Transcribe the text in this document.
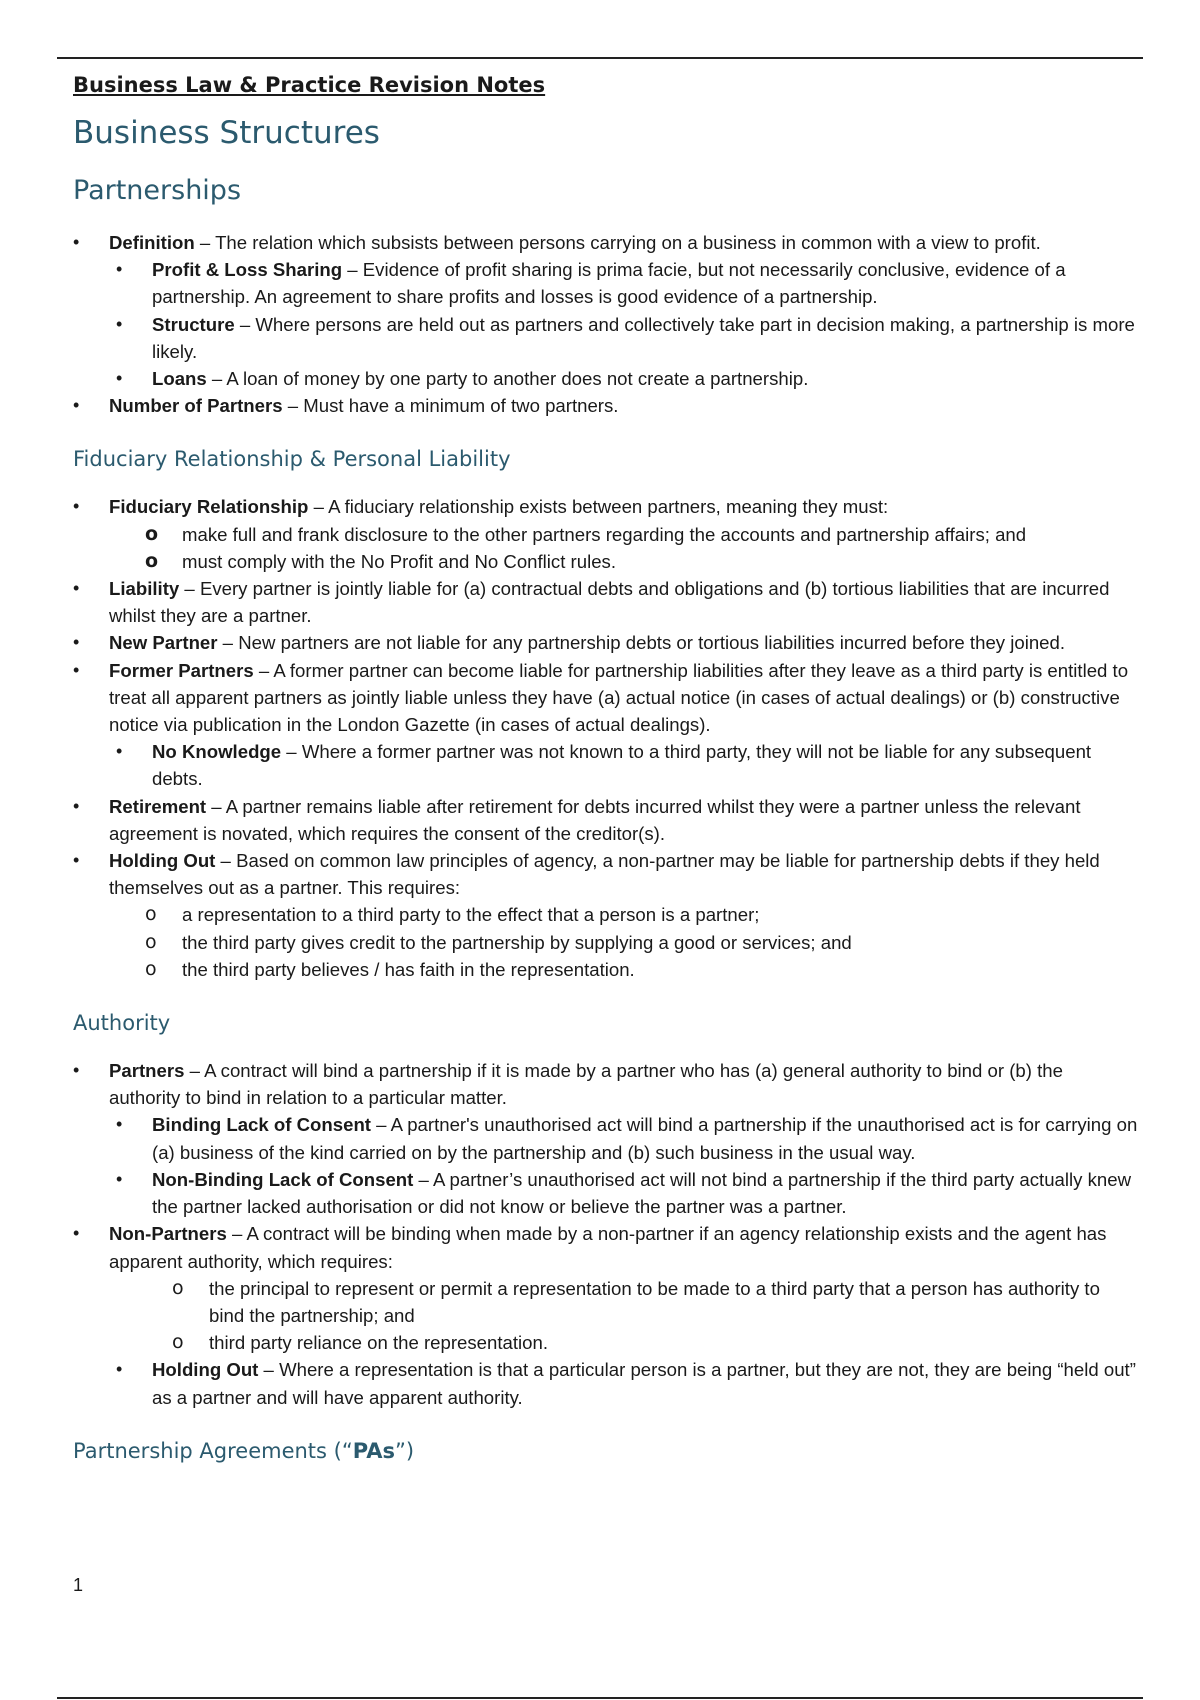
Business Law & Practice Revision Notes
Business Structures
Partnerships
• Definition – The relation which subsists between persons carrying on a business in common with a view to profit.
• Profit & Loss Sharing – Evidence of profit sharing is prima facie, but not necessarily conclusive, evidence of a partnership. An agreement to share profits and losses is good evidence of a partnership.
• Structure – Where persons are held out as partners and collectively take part in decision making, a partnership is more likely.
• Loans – A loan of money by one party to another does not create a partnership.
• Number of Partners – Must have a minimum of two partners.
Fiduciary Relationship & Personal Liability
• Fiduciary Relationship – A fiduciary relationship exists between partners, meaning they must:
o make full and frank disclosure to the other partners regarding the accounts and partnership affairs; and
o must comply with the No Profit and No Conflict rules.
• Liability – Every partner is jointly liable for (a) contractual debts and obligations and (b) tortious liabilities that are incurred whilst they are a partner.
• New Partner – New partners are not liable for any partnership debts or tortious liabilities incurred before they joined.
• Former Partners – A former partner can become liable for partnership liabilities after they leave as a third party is entitled to treat all apparent partners as jointly liable unless they have (a) actual notice (in cases of actual dealings) or (b) constructive notice via publication in the London Gazette (in cases of actual dealings).
• No Knowledge – Where a former partner was not known to a third party, they will not be liable for any subsequent debts.
• Retirement – A partner remains liable after retirement for debts incurred whilst they were a partner unless the relevant agreement is novated, which requires the consent of the creditor(s).
• Holding Out – Based on common law principles of agency, a non-partner may be liable for partnership debts if they held themselves out as a partner. This requires:
o a representation to a third party to the effect that a person is a partner;
o the third party gives credit to the partnership by supplying a good or services; and
o the third party believes / has faith in the representation.
Authority
• Partners – A contract will bind a partnership if it is made by a partner who has (a) general authority to bind or (b) the authority to bind in relation to a particular matter.
• Binding Lack of Consent – A partner's unauthorised act will bind a partnership if the unauthorised act is for carrying on (a) business of the kind carried on by the partnership and (b) such business in the usual way.
• Non-Binding Lack of Consent – A partner’s unauthorised act will not bind a partnership if the third party actually knew the partner lacked authorisation or did not know or believe the partner was a partner.
• Non-Partners – A contract will be binding when made by a non-partner if an agency relationship exists and the agent has apparent authority, which requires:
o the principal to represent or permit a representation to be made to a third party that a person has authority to bind the partnership; and
o third party reliance on the representation.
• Holding Out – Where a representation is that a particular person is a partner, but they are not, they are being “held out” as a partner and will have apparent authority.
Partnership Agreements (“PAs”)
1
